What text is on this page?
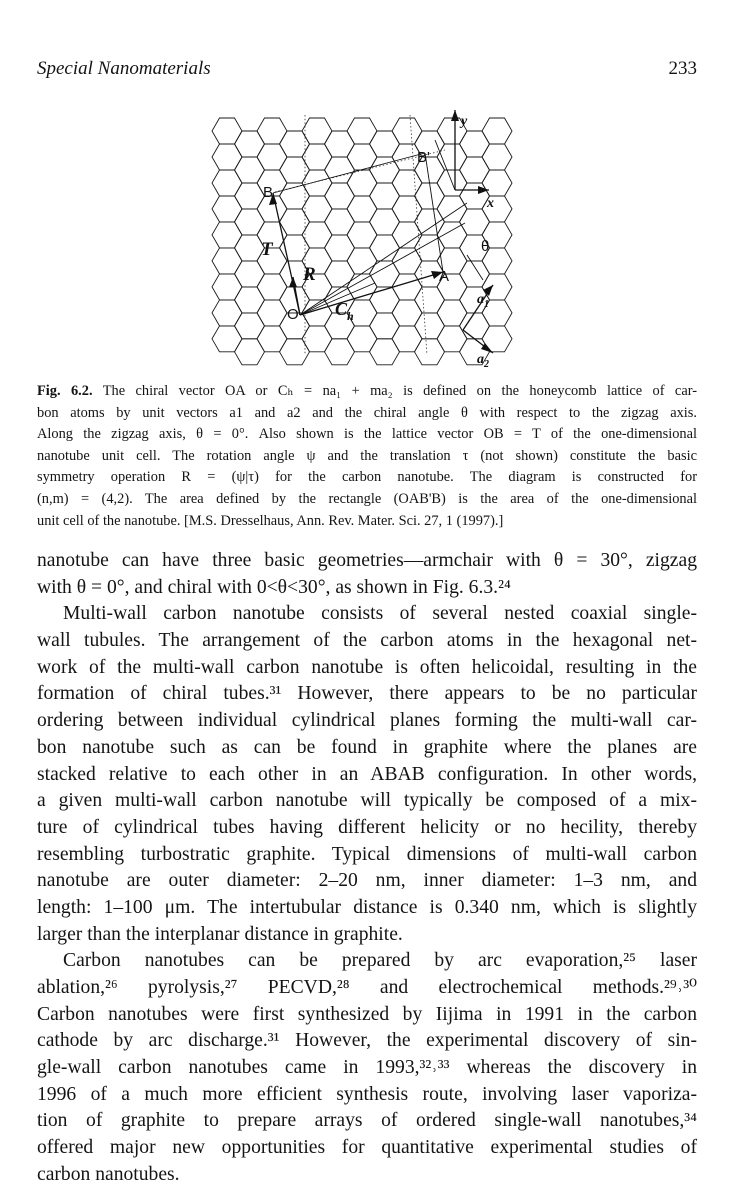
Special Nanomaterials	233
y
x
B'
B
T
R
O
A
θ
$C_h$
$a_1$
$a_2$
Fig. 6.2. The chiral vector OA or Cₕ = na₁ + ma₂ is defined on the honeycomb lattice of car-
bon atoms by unit vectors a1 and a2 and the chiral angle θ with respect to the zigzag axis.
Along the zigzag axis, θ = 0°. Also shown is the lattice vector OB = T of the one-dimensional
nanotube unit cell. The rotation angle ψ and the translation τ (not shown) constitute the basic
symmetry operation R = (ψ|τ) for the carbon nanotube. The diagram is constructed for
(n,m) = (4,2). The area defined by the rectangle (OAB'B) is the area of the one-dimensional
unit cell of the nanotube. [M.S. Dresselhaus, Ann. Rev. Mater. Sci. 27, 1 (1997).]
nanotube can have three basic geometries—armchair with θ = 30°, zigzag
with θ = 0°, and chiral with 0<θ<30°, as shown in Fig. 6.3.²⁴
Multi-wall carbon nanotube consists of several nested coaxial single-
wall tubules. The arrangement of the carbon atoms in the hexagonal net-
work of the multi-wall carbon nanotube is often helicoidal, resulting in the
formation of chiral tubes.³¹ However, there appears to be no particular
ordering between individual cylindrical planes forming the multi-wall car-
bon nanotube such as can be found in graphite where the planes are
stacked relative to each other in an ABAB configuration. In other words,
a given multi-wall carbon nanotube will typically be composed of a mix-
ture of cylindrical tubes having different helicity or no hecility, thereby
resembling turbostratic graphite. Typical dimensions of multi-wall carbon
nanotube are outer diameter: 2–20 nm, inner diameter: 1–3 nm, and
length: 1–100 μm. The intertubular distance is 0.340 nm, which is slightly
larger than the interplanar distance in graphite.
Carbon nanotubes can be prepared by arc evaporation,²⁵ laser
ablation,²⁶ pyrolysis,²⁷ PECVD,²⁸ and electrochemical methods.²⁹˒³⁰
Carbon nanotubes were first synthesized by Iijima in 1991 in the carbon
cathode by arc discharge.³¹ However, the experimental discovery of sin-
gle-wall carbon nanotubes came in 1993,³²˒³³ whereas the discovery in
1996 of a much more efficient synthesis route, involving laser vaporiza-
tion of graphite to prepare arrays of ordered single-wall nanotubes,³⁴
offered major new opportunities for quantitative experimental studies of
carbon nanotubes.
